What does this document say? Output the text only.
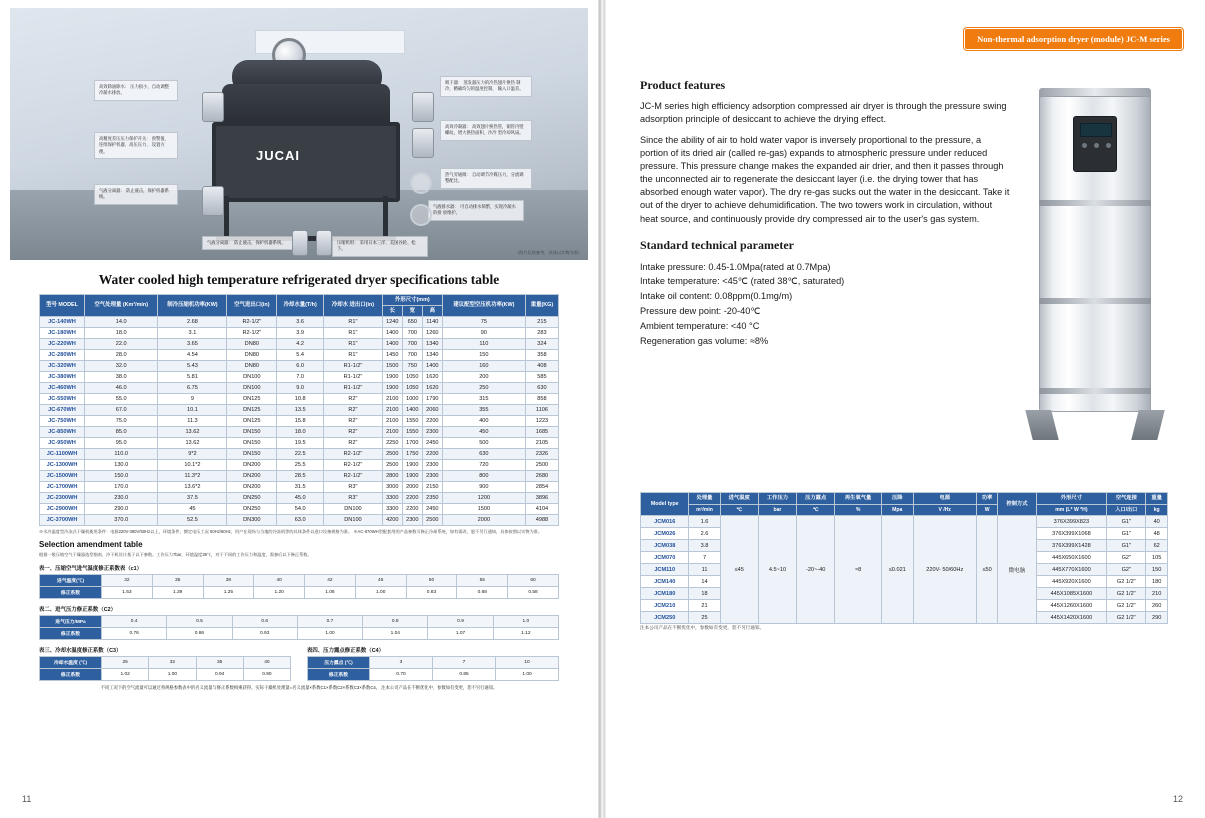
JUCAI
高效除油除水： 压力损小、自动调整冷凝水排放。
高精度差压压力保护开关： 预警值、连续保护机器、高压压力、 设置方便。
气液分离器： 防止液击，保护机器系统。
气液分离器： 防止液击，保护机器系统。
吸干器： 蒸发器压力的冷热翅片换热 制冷，精确均匀的温度控制， 输入口温差。
高效冷凝器： 高效翅片换热管，铜管内壁 螺纹，增大换热面积，沙冷 型冷却风扇。
热气旁通阀： 自动调节冷媒压力，分流调整配比。
气液排水器： 可自动排水频繁，实现冷凝水的排 放维护。
压缩机组： 采用日本三洋、美国谷轮、松下。
（图片仅供参考，具体以实物为准）
Water cooled high temperature refrigerated dryer specifications table
型号 MODEL	空气处理量 (Km³/min)	制冷压缩机功率(KW)	空气进出口(in)	冷却水量(T/h)	冷却水 进出口(in)	外形尺寸(mm)			建议配型空压机功率(KW)	重量(KG)
						长	宽	高		
JC-140WH	14.0	2.68	R2-1/2"	3.6	R1"	1240	650	1140	75	215
JC-180WH	18.0	3.1	R2-1/2"	3.9	R1"	1400	700	1260	90	283
JC-220WH	22.0	3.65	DN80	4.2	R1"	1400	700	1340	110	324
JC-280WH	28.0	4.54	DN80	5.4	R1"	1450	700	1340	150	358
JC-320WH	32.0	5.43	DN80	6.0	R1-1/2"	1500	750	1400	160	408
JC-380WH	38.0	5.81	DN100	7.0	R1-1/2"	1900	1050	1620	200	585
JC-460WH	46.0	6.75	DN100	9.0	R1-1/2"	1900	1050	1620	250	630
JC-550WH	55.0	9	DN125	10.8	R2"	2100	1000	1790	315	858
JC-670WH	67.0	10.1	DN125	13.5	R2"	2100	1400	2060	355	1106
JC-750WH	75.0	11.3	DN125	15.8	R2"	2100	1550	2200	400	1223
JC-850WH	85.0	13.62	DN150	18.0	R2"	2100	1550	2300	450	1685
JC-950WH	95.0	13.62	DN150	19.5	R2"	2250	1700	2450	500	2105
JC-1100WH	110.0	9*2	DN150	22.5	R2-1/2"	2500	1750	2200	630	2326
JC-1300WH	130.0	10.1*2	DN200	25.5	R2-1/2"	2500	1900	2300	720	2500
JC-1500WH	150.0	11.3*2	DN200	28.5	R2-1/2"	2800	1900	2300	800	2680
JC-1700WH	170.0	13.6*2	DN200	31.5	R3"	3000	2000	2150	900	2854
JC-2300WH	230.0	37.5	DN250	45.0	R3"	3300	2200	2350	1200	3896
JC-2900WH	290.0	45	DN250	54.0	DN100	3300	2200	2450	1500	4104
JC-3700WH	370.0	52.5	DN300	63.0	DN100	4200	2300	2500	2000	4988
※水冷温度型冷冻式干燥机使用条件：电源220V-380V/50Hz以上，环境条件、额定电压工况 50Hz/60Hz，用户在现场与当地的冷冻机等的具体条件以进口设备规格为准。 ※AC-670WH型配套用的产品参数可修正冷却系统，如有需改，恕不另行通知，具体按照以实物为准。
Selection amendment table
根据一般压缩空气干燥器选型指南，冷干机设计基于以下参数。工作压力7bar，环境温度38℃，对于不同的工作压力和温度，需参后以下修正系数。
表一、压缩空气进气温度修正系数表（c1）
进气温度(℃)	32	35	38	40	42	45	50	55	60
修正系数	1.53	1.39	1.25	1.20	1.06	1.00	0.83	0.68	0.58
表二、进气压力修正系数（C2）
进气压力/MPa	0.4	0.5	0.6	0.7	0.8	0.9	1.0
修正系数	0.76	0.86	0.93	1.00	1.04	1.07	1.12
表三、冷却水温度修正系数（C3）
冷却水温度 (℃)	25	32	35	40
修正系数	1.02	1.00	0.94	0.90
表四、压力露点修正系数（C4）
压力露点 (℃)	3	7	10
修正系数	0.70	0.85	1.00
不同工况下的空气流量可以通过将规格参数表中的名义流量与修正系数相乘获得。实际干燥机处理量=名义流量×系数C1×系数C2×系数C3×系数C4。 注本公司产品在不断优化中，参数如有变更，恕不另行通知。
11
Non-thermal adsorption dryer (module) JC-M series
Product features

JC-M series high efficiency adsorption compressed air dryer is through the pressure swing adsorption principle of desiccant to achieve the drying effect.

Since the ability of air to hold water vapor is inversely proportional to the pressure, a portion of its dried air (called re-gas) expands to atmospheric pressure under reduced pressure. This pressure change makes the expanded air drier, and then it passes through the unconnected air to regenerate the desiccant layer (i.e. the drying tower that has absorbed enough water vapor). The dry re-gas sucks out the water in the desiccant. Take it out of the dryer to achieve dehumidification. The two towers work in circulation, without heat source, and continuously provide dry compressed air to the user's gas system.

Standard technical parameter
Intake pressure: 0.45-1.0Mpa(rated at 0.7Mpa)
Intake temperature: <45℃ (rated 38℃, saturated)
Intake oil content: 0.08ppm(0.1mg/m)
Pressure dew point: -20-40℃
Ambient temperature: <40 °C
Regeneration gas volume: ≈8%
Model type	处理量	进气温度	工作压力	压力露点	再生氧气量	压降	电源	功率	控制方式	外形尺寸	空气连接	重量
	m³/min	℃	bar	℃	%	Mpa	V /Hz	W		mm (L* W *H)	入口/出口	kg
JCM016	1.6	≤45	4.5~10	-20~-40	≈8	≤0.021	220V- 50/60Hz	≤50	微电脑	376X399X823	G1"	40
JCM026	2.6									376X399X1068	G1"	48
JCM038	3.8									376X399X1428	G1"	62
JCM070	7									445X650X1600	G2"	105
JCM110	11									445X770X1600	G2"	150
JCM140	14									445X920X1600	G2 1/2"	180
JCM180	18									445X1085X1600	G2 1/2"	210
JCM210	21									445X1260X1600	G2 1/2"	260
JCM250	25									445X1420X1600	G2 1/2"	290
注本公司产品在不断优化中，参数如有变更，恕不另行通知。
12
